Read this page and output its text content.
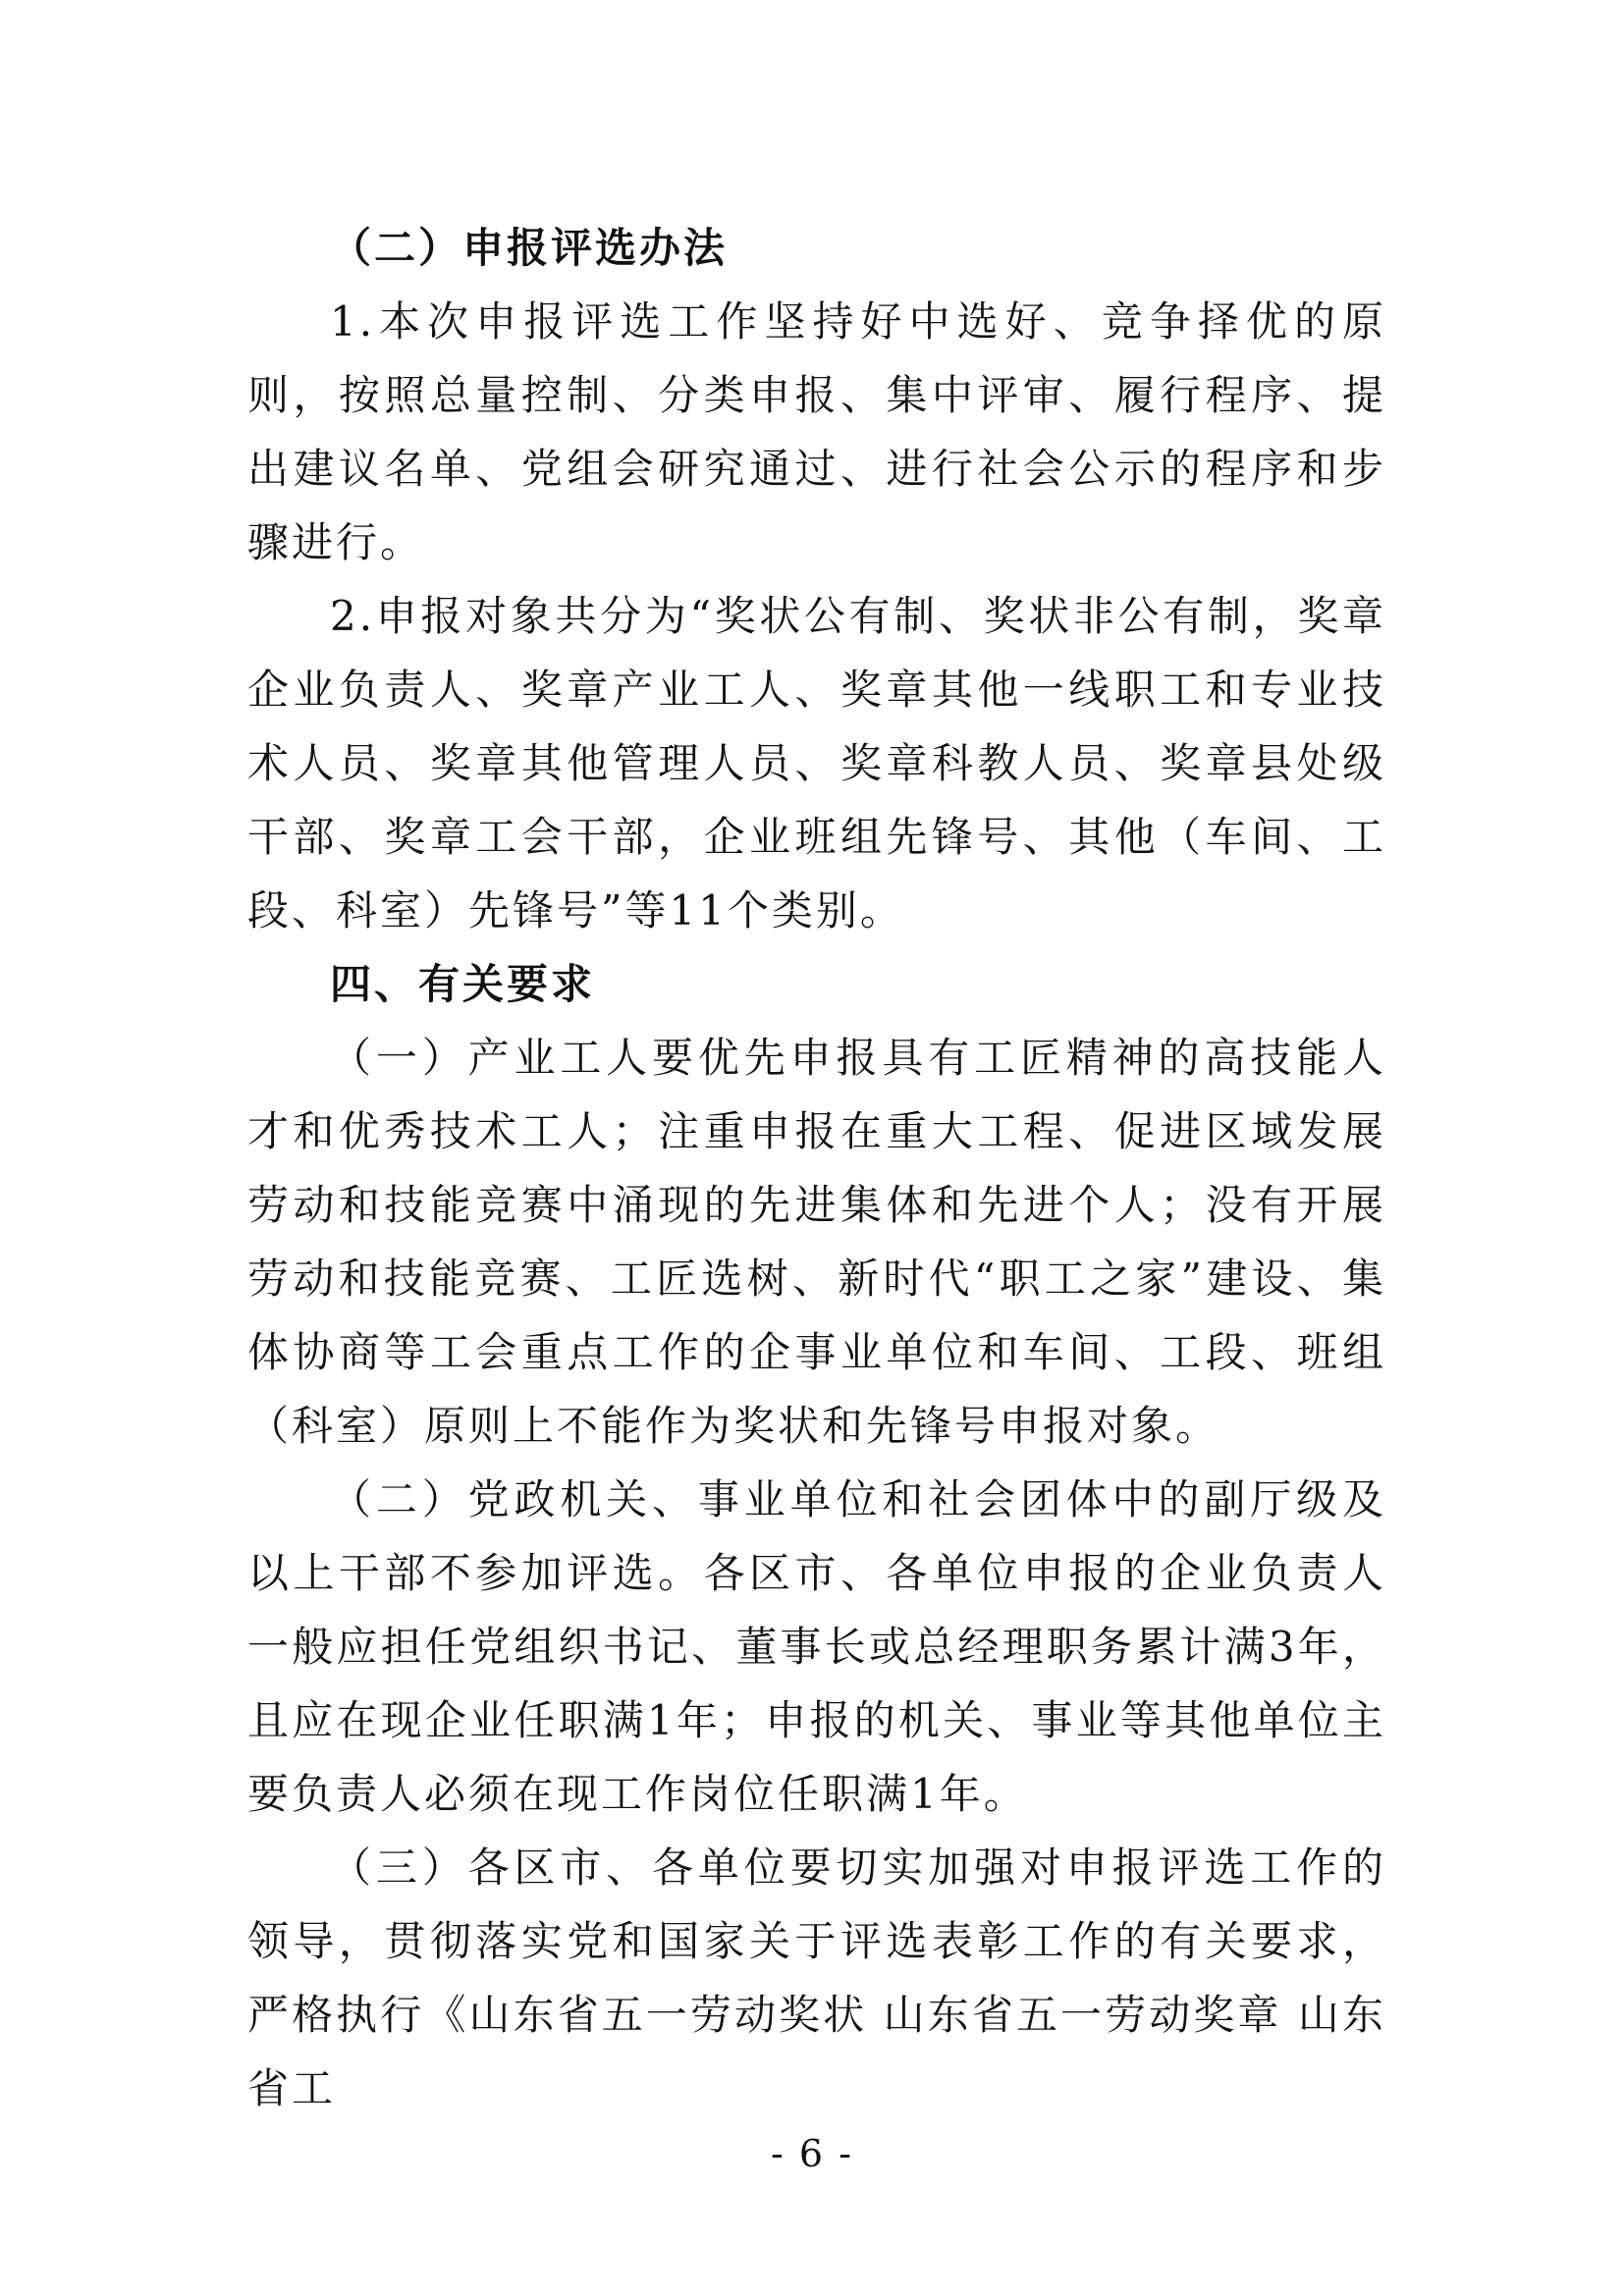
（二）申报评选办法

1.本次申报评选工作坚持好中选好、竞争择优的原则，按照总量控制、分类申报、集中评审、履行程序、提出建议名单、党组会研究通过、进行社会公示的程序和步骤进行。

2.申报对象共分为“奖状公有制、奖状非公有制，奖章企业负责人、奖章产业工人、奖章其他一线职工和专业技术人员、奖章其他管理人员、奖章科教人员、奖章县处级干部、奖章工会干部，企业班组先锋号、其他（车间、工段、科室）先锋号”等11个类别。

四、有关要求

（一）产业工人要优先申报具有工匠精神的高技能人才和优秀技术工人；注重申报在重大工程、促进区域发展劳动和技能竞赛中涌现的先进集体和先进个人；没有开展劳动和技能竞赛、工匠选树、新时代“职工之家”建设、集体协商等工会重点工作的企事业单位和车间、工段、班组（科室）原则上不能作为奖状和先锋号申报对象。

（二）党政机关、事业单位和社会团体中的副厅级及以上干部不参加评选。各区市、各单位申报的企业负责人一般应担任党组织书记、董事长或总经理职务累计满3年，且应在现企业任职满1年；申报的机关、事业等其他单位主要负责人必须在现工作岗位任职满1年。

（三）各区市、各单位要切实加强对申报评选工作的领导，贯彻落实党和国家关于评选表彰工作的有关要求，严格执行《山东省五一劳动奖状 山东省五一劳动奖章 山东省工

- 6 -
